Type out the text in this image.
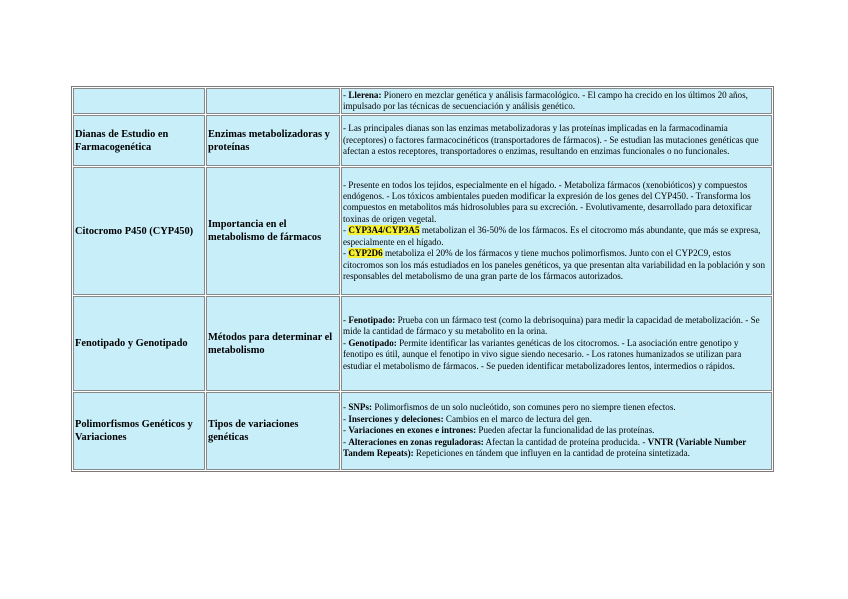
		- Llerena: Pionero en mezclar genética y análisis farmacológico. - El campo ha crecido en los últimos 20 años, impulsado por las técnicas de secuenciación y análisis genético.
Dianas de Estudio en Farmacogenética	Enzimas metabolizadoras y proteínas	- Las principales dianas son las enzimas metabolizadoras y las proteínas implicadas en la farmacodinamia (receptores) o factores farmacocinéticos (transportadores de fármacos). - Se estudian las mutaciones genéticas que afectan a estos receptores, transportadores o enzimas, resultando en enzimas funcionales o no funcionales.
Citocromo P450 (CYP450)	Importancia en el metabolismo de fármacos	- Presente en todos los tejidos, especialmente en el hígado. - Metaboliza fármacos (xenobióticos) y compuestos endógenos. - Los tóxicos ambientales pueden modificar la expresión de los genes del CYP450. - Transforma los compuestos en metabolitos más hidrosolubles para su excreción. - Evolutivamente, desarrollado para detoxificar toxinas de origen vegetal.
- CYP3A4/CYP3A5 metabolizan el 36-50% de los fármacos. Es el citocromo más abundante, que más se expresa, especialmente en el hígado.
- CYP2D6 metaboliza el 20% de los fármacos y tiene muchos polimorfismos. Junto con el CYP2C9, estos citocromos son los más estudiados en los paneles genéticos, ya que presentan alta variabilidad en la población y son responsables del metabolismo de una gran parte de los fármacos autorizados.
Fenotipado y Genotipado	Métodos para determinar el metabolismo	- Fenotipado: Prueba con un fármaco test (como la debrisoquina) para medir la capacidad de metabolización. - Se mide la cantidad de fármaco y su metabolito en la orina.
- Genotipado: Permite identificar las variantes genéticas de los citocromos. - La asociación entre genotipo y fenotipo es útil, aunque el fenotipo in vivo sigue siendo necesario. - Los ratones humanizados se utilizan para estudiar el metabolismo de fármacos. - Se pueden identificar metabolizadores lentos, intermedios o rápidos.
Polimorfismos Genéticos y Variaciones	Tipos de variaciones genéticas	- SNPs: Polimorfismos de un solo nucleótido, son comunes pero no siempre tienen efectos.
- Inserciones y deleciones: Cambios en el marco de lectura del gen.
- Variaciones en exones e intrones: Pueden afectar la funcionalidad de las proteínas.
- Alteraciones en zonas reguladoras: Afectan la cantidad de proteína producida. - VNTR (Variable Number Tandem Repeats): Repeticiones en tándem que influyen en la cantidad de proteína sintetizada.
